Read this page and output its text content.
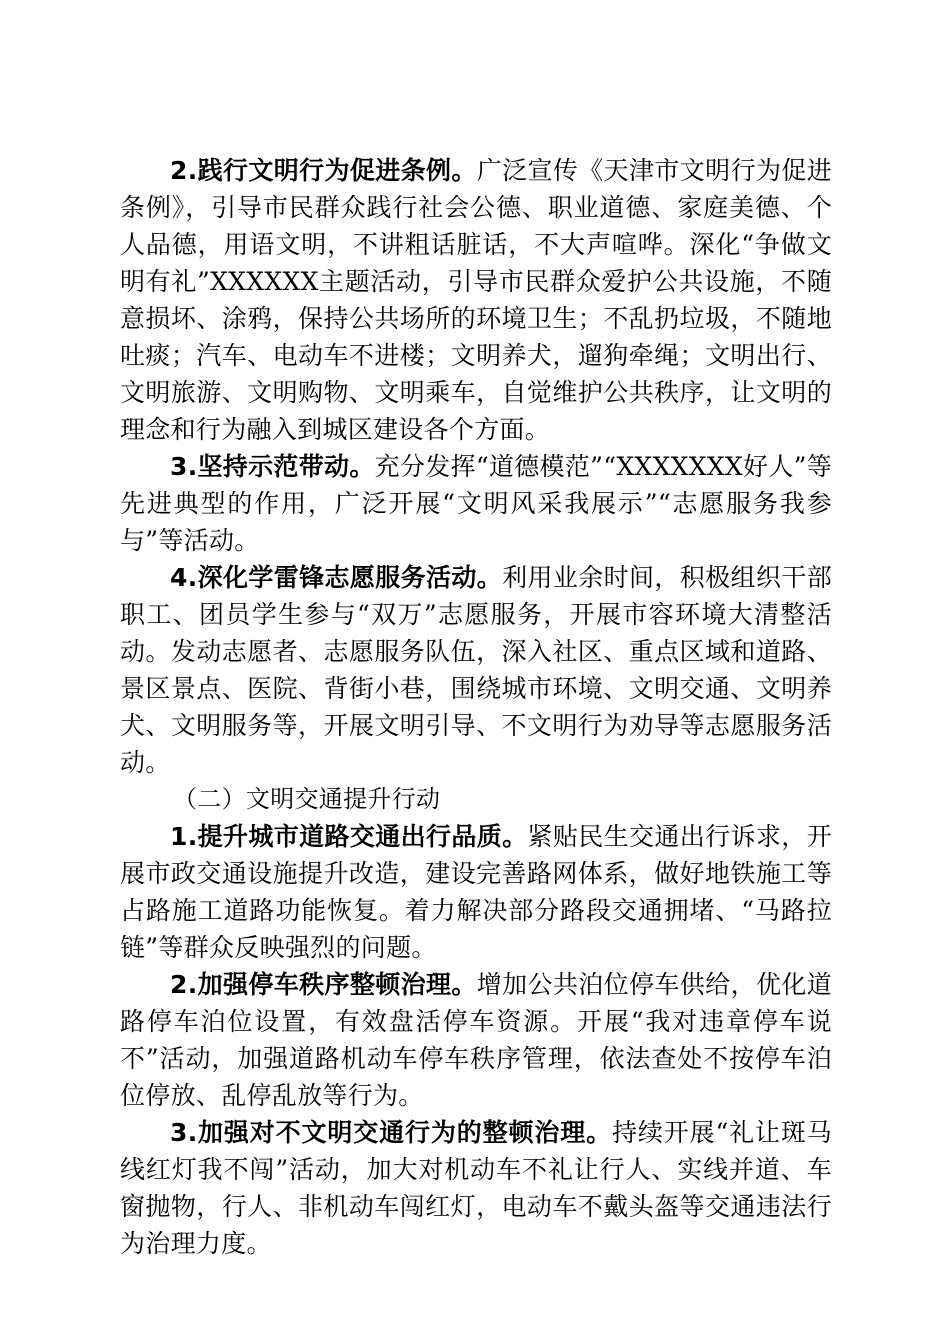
2.践行文明行为促进条例。广泛宣传《天津市文明行为促进条例》，引导市民群众践行社会公德、职业道德、家庭美德、个人品德，用语文明，不讲粗话脏话，不大声喧哗。深化“争做文明有礼”XXXXXX主题活动，引导市民群众爱护公共设施，不随意损坏、涂鸦，保持公共场所的环境卫生；不乱扔垃圾，不随地吐痰；汽车、电动车不进楼；文明养犬，遛狗牵绳；文明出行、文明旅游、文明购物、文明乘车，自觉维护公共秩序，让文明的理念和行为融入到城区建设各个方面。

3.坚持示范带动。充分发挥“道德模范”“XXXXXXX好人”等先进典型的作用，广泛开展“文明风采我展示”“志愿服务我参与”等活动。

4.深化学雷锋志愿服务活动。利用业余时间，积极组织干部职工、团员学生参与“双万”志愿服务，开展市容环境大清整活动。发动志愿者、志愿服务队伍，深入社区、重点区域和道路、景区景点、医院、背街小巷，围绕城市环境、文明交通、文明养犬、文明服务等，开展文明引导、不文明行为劝导等志愿服务活动。

（二）文明交通提升行动

1.提升城市道路交通出行品质。紧贴民生交通出行诉求，开展市政交通设施提升改造，建设完善路网体系，做好地铁施工等占路施工道路功能恢复。着力解决部分路段交通拥堵、“马路拉链”等群众反映强烈的问题。

2.加强停车秩序整顿治理。增加公共泊位停车供给，优化道路停车泊位设置，有效盘活停车资源。开展“我对违章停车说不”活动，加强道路机动车停车秩序管理，依法查处不按停车泊位停放、乱停乱放等行为。

3.加强对不文明交通行为的整顿治理。持续开展“礼让斑马线红灯我不闯”活动，加大对机动车不礼让行人、实线并道、车窗抛物，行人、非机动车闯红灯，电动车不戴头盔等交通违法行为治理力度。
